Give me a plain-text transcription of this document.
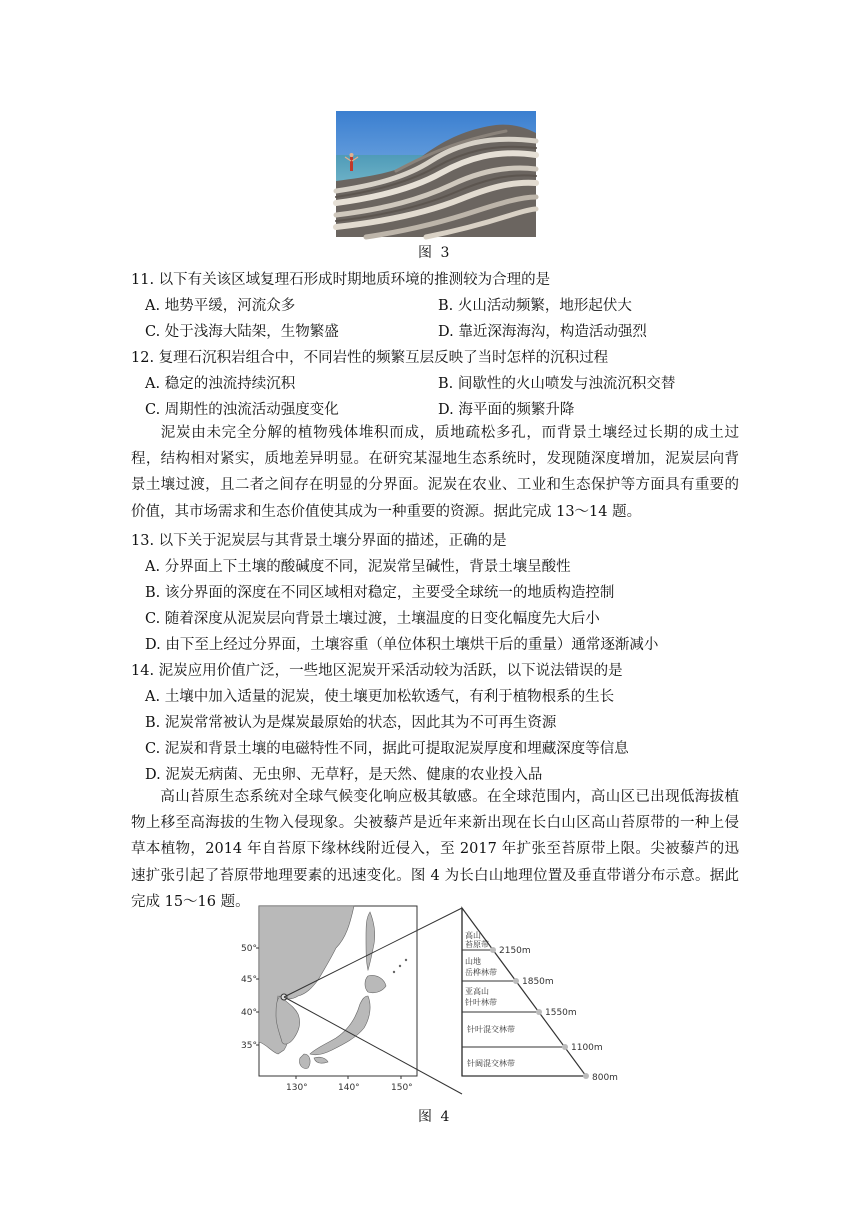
图 3
11. 以下有关该区域复理石形成时期地质环境的推测较为合理的是
A. 地势平缓，河流众多	B. 火山活动频繁，地形起伏大
C. 处于浅海大陆架，生物繁盛	D. 靠近深海海沟，构造活动强烈
12. 复理石沉积岩组合中，不同岩性的频繁互层反映了当时怎样的沉积过程
A. 稳定的浊流持续沉积	B. 间歇性的火山喷发与浊流沉积交替
C. 周期性的浊流活动强度变化	D. 海平面的频繁升降
泥炭由未完全分解的植物残体堆积而成，质地疏松多孔，而背景土壤经过长期的成土过程，结构相对紧实，质地差异明显。在研究某湿地生态系统时，发现随深度增加，泥炭层向背景土壤过渡，且二者之间存在明显的分界面。泥炭在农业、工业和生态保护等方面具有重要的价值，其市场需求和生态价值使其成为一种重要的资源。据此完成 13～14 题。
13. 以下关于泥炭层与其背景土壤分界面的描述，正确的是
A. 分界面上下土壤的酸碱度不同，泥炭常呈碱性，背景土壤呈酸性
B. 该分界面的深度在不同区域相对稳定，主要受全球统一的地质构造控制
C. 随着深度从泥炭层向背景土壤过渡，土壤温度的日变化幅度先大后小
D. 由下至上经过分界面，土壤容重（单位体积土壤烘干后的重量）通常逐渐减小
14. 泥炭应用价值广泛，一些地区泥炭开采活动较为活跃，以下说法错误的是
A. 土壤中加入适量的泥炭，使土壤更加松软透气，有利于植物根系的生长
B. 泥炭常常被认为是煤炭最原始的状态，因此其为不可再生资源
C. 泥炭和背景土壤的电磁特性不同，据此可提取泥炭厚度和埋藏深度等信息
D. 泥炭无病菌、无虫卵、无草籽，是天然、健康的农业投入品
高山苔原生态系统对全球气候变化响应极其敏感。在全球范围内，高山区已出现低海拔植物上移至高海拔的生物入侵现象。尖被藜芦是近年来新出现在长白山区高山苔原带的一种上侵草本植物，2014 年自苔原下缘林线附近侵入，至 2017 年扩张至苔原带上限。尖被藜芦的迅速扩张引起了苔原带地理要素的迅速变化。图 4 为长白山地理位置及垂直带谱分布示意。据此完成 15～16 题。
50°
45°
40°
35°
130°	140°	150°
高山
苔原带
山地
岳桦林带
亚高山
针叶林带
针叶混交林带
针阔混交林带
2150m
1850m
1550m
1100m
800m
图 4
